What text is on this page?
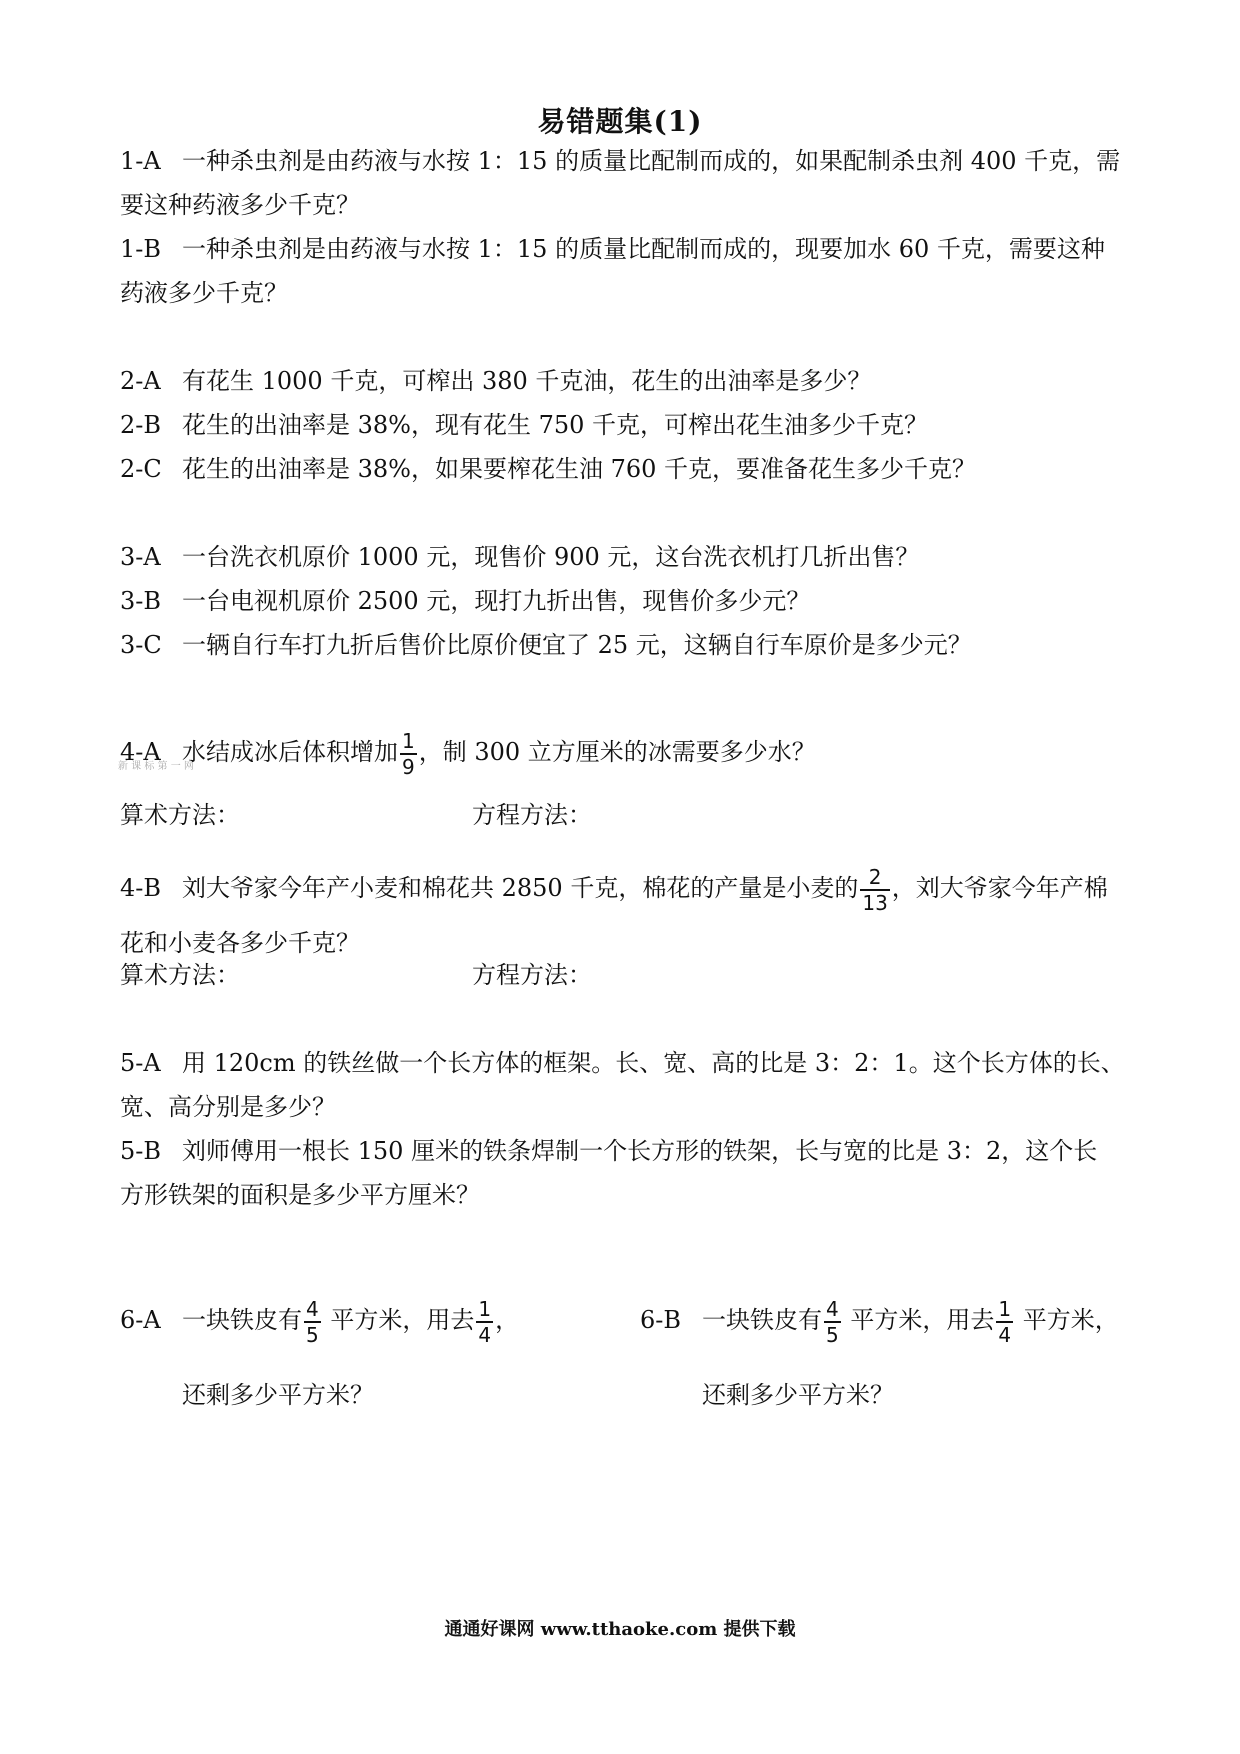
易错题集(1)
1-A 一种杀虫剂是由药液与水按 1：15 的质量比配制而成的，如果配制杀虫剂 400 千克，需
要这种药液多少千克？
1-B 一种杀虫剂是由药液与水按 1：15 的质量比配制而成的，现要加水 60 千克，需要这种
药液多少千克？
2-A 有花生 1000 千克，可榨出 380 千克油，花生的出油率是多少？
2-B 花生的出油率是 38%，现有花生 750 千克，可榨出花生油多少千克？
2-C 花生的出油率是 38%，如果要榨花生油 760 千克，要准备花生多少千克？
3-A 一台洗衣机原价 1000 元，现售价 900 元，这台洗衣机打几折出售？
3-B 一台电视机原价 2500 元，现打九折出售，现售价多少元？
3-C 一辆自行车打九折后售价比原价便宜了 25 元，这辆自行车原价是多少元？
新 课 标 第 一 网
4-A 水结成冰后体积增加 $\frac{1}{9}$ ，制 300 立方厘米的冰需要多少水？
算术方法：	方程方法：
4-B 刘大爷家今年产小麦和棉花共 2850 千克，棉花的产量是小麦的 $\frac{2}{13}$ ，刘大爷家今年产棉
花和小麦各多少千克？
算术方法：	方程方法：
5-A 用 120cm 的铁丝做一个长方体的框架。长、宽、高的比是 3：2：1。这个长方体的长、
宽、高分别是多少？
5-B 刘师傅用一根长 150 厘米的铁条焊制一个长方形的铁架，长与宽的比是 3：2，这个长
方形铁架的面积是多少平方厘米？
6-A 一块铁皮有 $\frac{4}{5}$ 平方米，用去 $\frac{1}{4}$ ，
还剩多少平方米？
6-B 一块铁皮有 $\frac{4}{5}$ 平方米，用去 $\frac{1}{4}$ 平方米，
还剩多少平方米？
通通好课网 www.tthaoke.com 提供下载
